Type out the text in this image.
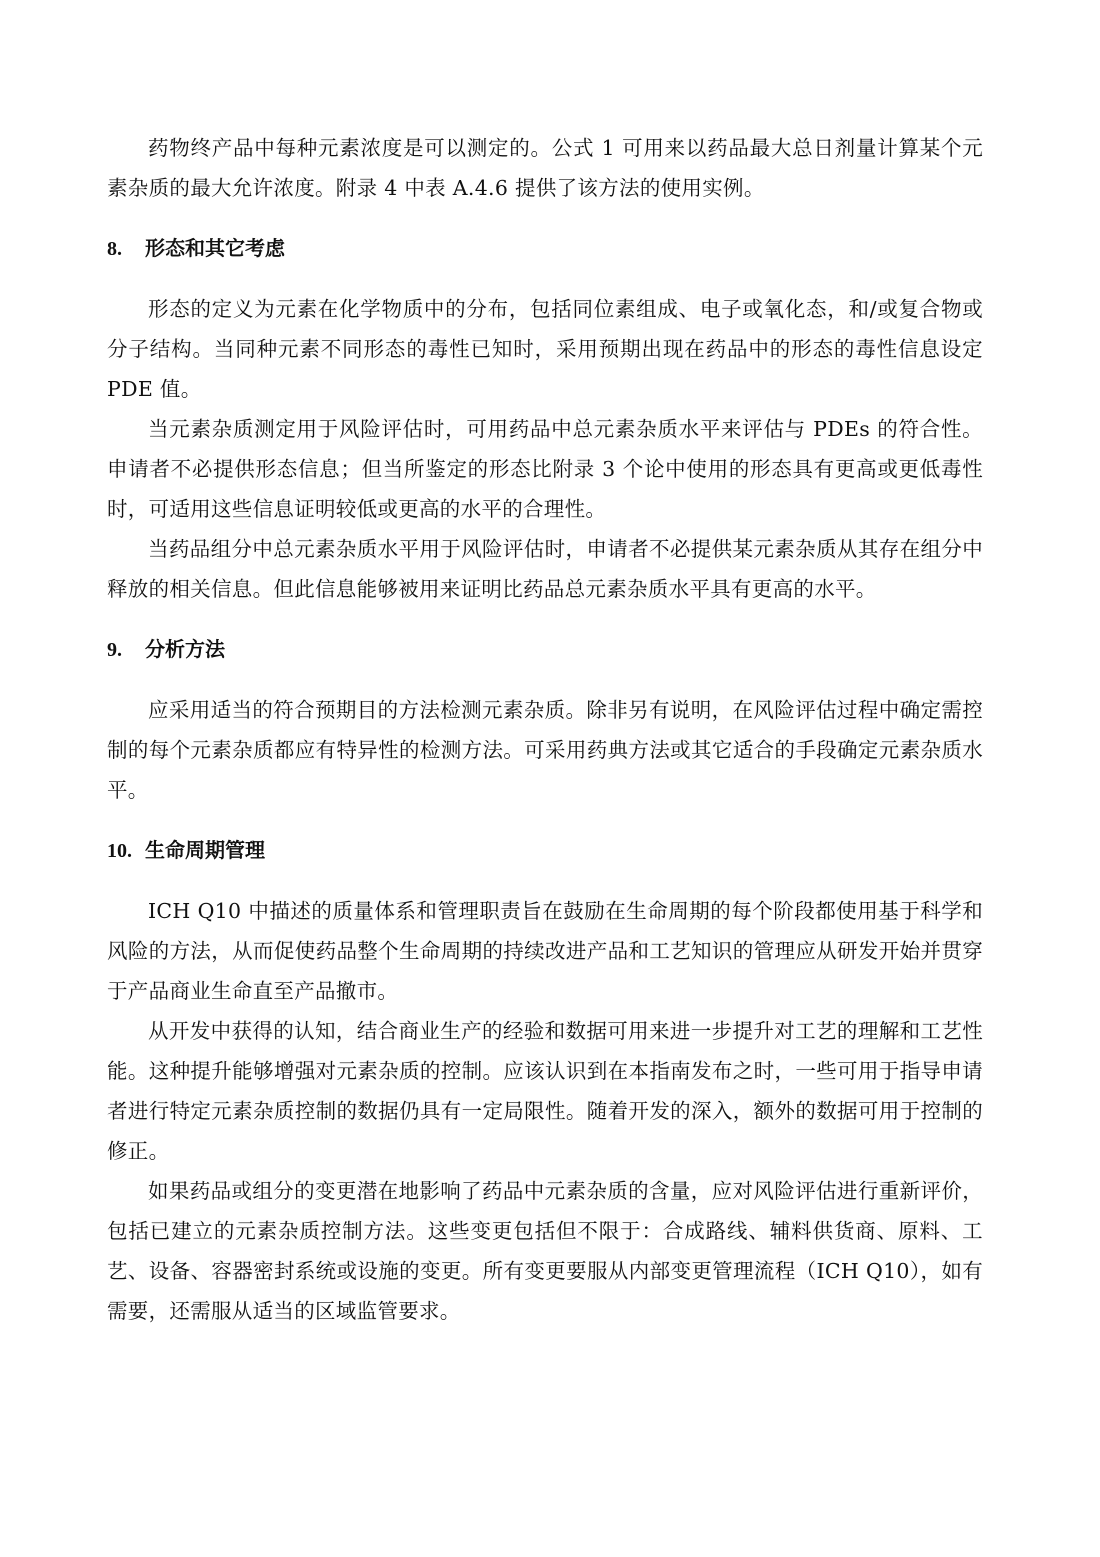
药物终产品中每种元素浓度是可以测定的。公式 1 可用来以药品最大总日剂量计算某个元素杂质的最大允许浓度。附录 4 中表 A.4.6 提供了该方法的使用实例。

8. 形态和其它考虑

形态的定义为元素在化学物质中的分布，包括同位素组成、电子或氧化态，和/或复合物或分子结构。当同种元素不同形态的毒性已知时，采用预期出现在药品中的形态的毒性信息设定 PDE 值。

当元素杂质测定用于风险评估时，可用药品中总元素杂质水平来评估与 PDEs 的符合性。申请者不必提供形态信息；但当所鉴定的形态比附录 3 个论中使用的形态具有更高或更低毒性时，可适用这些信息证明较低或更高的水平的合理性。

当药品组分中总元素杂质水平用于风险评估时，申请者不必提供某元素杂质从其存在组分中释放的相关信息。但此信息能够被用来证明比药品总元素杂质水平具有更高的水平。

9. 分析方法

应采用适当的符合预期目的方法检测元素杂质。除非另有说明，在风险评估过程中确定需控制的每个元素杂质都应有特异性的检测方法。可采用药典方法或其它适合的手段确定元素杂质水平。

10. 生命周期管理

ICH Q10 中描述的质量体系和管理职责旨在鼓励在生命周期的每个阶段都使用基于科学和风险的方法，从而促使药品整个生命周期的持续改进产品和工艺知识的管理应从研发开始并贯穿于产品商业生命直至产品撤市。

从开发中获得的认知，结合商业生产的经验和数据可用来进一步提升对工艺的理解和工艺性能。这种提升能够增强对元素杂质的控制。应该认识到在本指南发布之时，一些可用于指导申请者进行特定元素杂质控制的数据仍具有一定局限性。随着开发的深入，额外的数据可用于控制的修正。

如果药品或组分的变更潜在地影响了药品中元素杂质的含量，应对风险评估进行重新评价，包括已建立的元素杂质控制方法。这些变更包括但不限于：合成路线、辅料供货商、原料、工艺、设备、容器密封系统或设施的变更。所有变更要服从内部变更管理流程（ICH Q10），如有需要，还需服从适当的区域监管要求。
